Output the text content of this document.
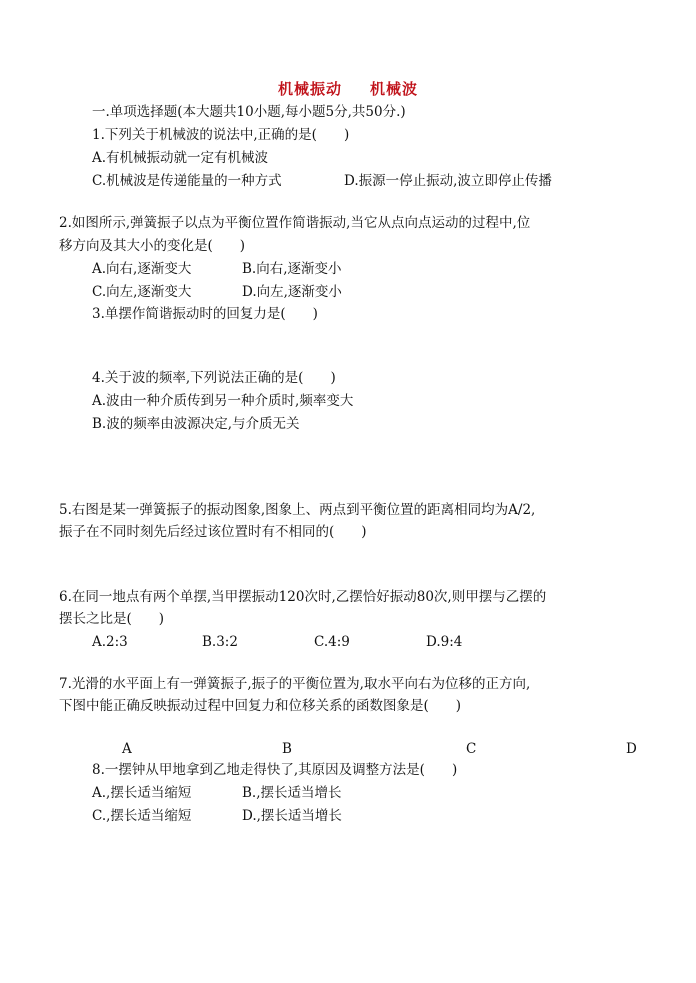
机械振动 机械波
一.单项选择题(本大题共10小题,每小题5分,共50分.)
1.下列关于机械波的说法中,正确的是(　　)
A.有机械振动就一定有机械波
C.机械波是传递能量的一种方式	D.振源一停止振动,波立即停止传播
2.如图所示,弹簧振子以点为平衡位置作简谐振动,当它从点向点运动的过程中,位
移方向及其大小的变化是(　　)
A.向右,逐渐变大	B.向右,逐渐变小
C.向左,逐渐变大	D.向左,逐渐变小
3.单摆作简谐振动时的回复力是(　　)
4.关于波的频率,下列说法正确的是(　　)
A.波由一种介质传到另一种介质时,频率变大
B.波的频率由波源决定,与介质无关
5.右图是某一弹簧振子的振动图象,图象上、两点到平衡位置的距离相同均为A/2,
振子在不同时刻先后经过该位置时有不相同的(　　)
6.在同一地点有两个单摆,当甲摆振动120次时,乙摆恰好振动80次,则甲摆与乙摆的
摆长之比是(　　)
A.2:3	B.3:2	C.4:9	D.9:4
7.光滑的水平面上有一弹簧振子,振子的平衡位置为,取水平向右为位移的正方向,
下图中能正确反映振动过程中回复力和位移关系的函数图象是(　　)
A	B	C	D
8.一摆钟从甲地拿到乙地走得快了,其原因及调整方法是(　　)
A.,摆长适当缩短	B.,摆长适当增长
C.,摆长适当缩短	D.,摆长适当增长
